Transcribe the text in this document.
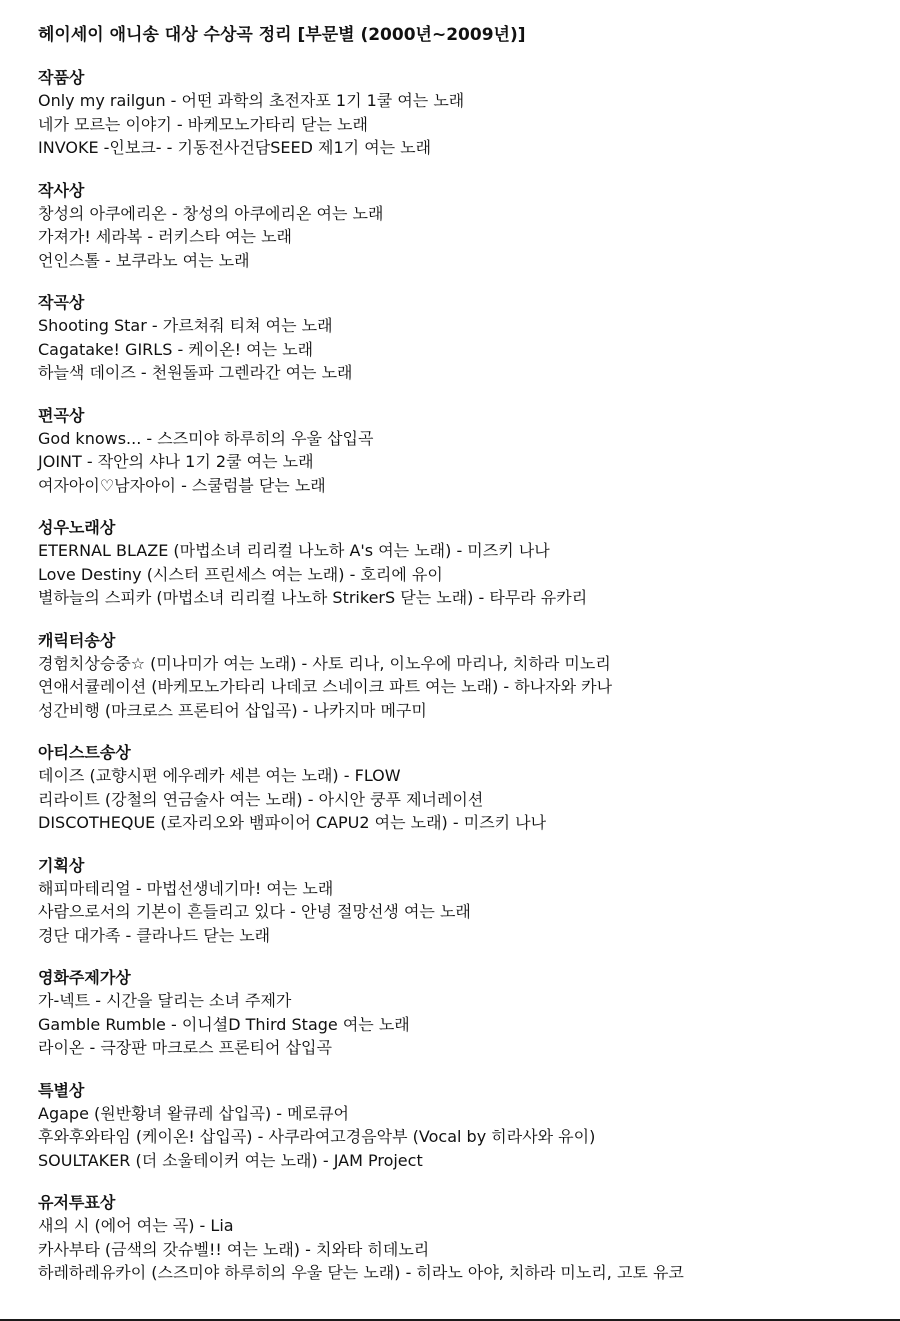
헤이세이 애니송 대상 수상곡 정리 [부문별 (2000년~2009년)]
작품상
Only my railgun - 어떤 과학의 초전자포 1기 1쿨 여는 노래
네가 모르는 이야기 - 바케모노가타리 닫는 노래
INVOKE -인보크- - 기동전사건담SEED 제1기 여는 노래
작사상
창성의 아쿠에리온 - 창성의 아쿠에리온 여는 노래
가져가! 세라복 - 러키스타 여는 노래
언인스톨 - 보쿠라노 여는 노래
작곡상
Shooting Star - 가르쳐줘 티쳐 여는 노래
Cagatake! GIRLS - 케이온! 여는 노래
하늘색 데이즈 - 천원돌파 그렌라간 여는 노래
편곡상
God knows... - 스즈미야 하루히의 우울 삽입곡
JOINT - 작안의 샤나 1기 2쿨 여는 노래
여자아이♡남자아이 - 스쿨럼블 닫는 노래
성우노래상
ETERNAL BLAZE (마법소녀 리리컬 나노하 A's 여는 노래) - 미즈키 나나
Love Destiny (시스터 프린세스 여는 노래) - 호리에 유이
별하늘의 스피카 (마법소녀 리리컬 나노하 StrikerS 닫는 노래) - 타무라 유카리
캐릭터송상
경험치상승중☆ (미나미가 여는 노래) - 사토 리나, 이노우에 마리나, 치하라 미노리
연애서큘레이션 (바케모노가타리 나데코 스네이크 파트 여는 노래) - 하나자와 카나
성간비행 (마크로스 프론티어 삽입곡) - 나카지마 메구미
아티스트송상
데이즈 (교향시편 에우레카 세븐 여는 노래) - FLOW
리라이트 (강철의 연금술사 여는 노래) - 아시안 쿵푸 제너레이션
DISCOTHEQUE (로자리오와 뱀파이어 CAPU2 여는 노래) - 미즈키 나나
기획상
해피마테리얼 - 마법선생네기마! 여는 노래
사람으로서의 기본이 흔들리고 있다 - 안녕 절망선생 여는 노래
경단 대가족 - 클라나드 닫는 노래
영화주제가상
가-넥트 - 시간을 달리는 소녀 주제가
Gamble Rumble - 이니셜D Third Stage 여는 노래
라이온 - 극장판 마크로스 프론티어 삽입곡
특별상
Agape (원반황녀 왈큐레 삽입곡) - 메로큐어
후와후와타임 (케이온! 삽입곡) - 사쿠라여고경음악부 (Vocal by 히라사와 유이)
SOULTAKER (더 소울테이커 여는 노래) - JAM Project
유저투표상
새의 시 (에어 여는 곡) - Lia
카사부타 (금색의 갓슈벨!! 여는 노래) - 치와타 히데노리
하레하레유카이 (스즈미야 하루히의 우울 닫는 노래) - 히라노 아야, 치하라 미노리, 고토 유코
